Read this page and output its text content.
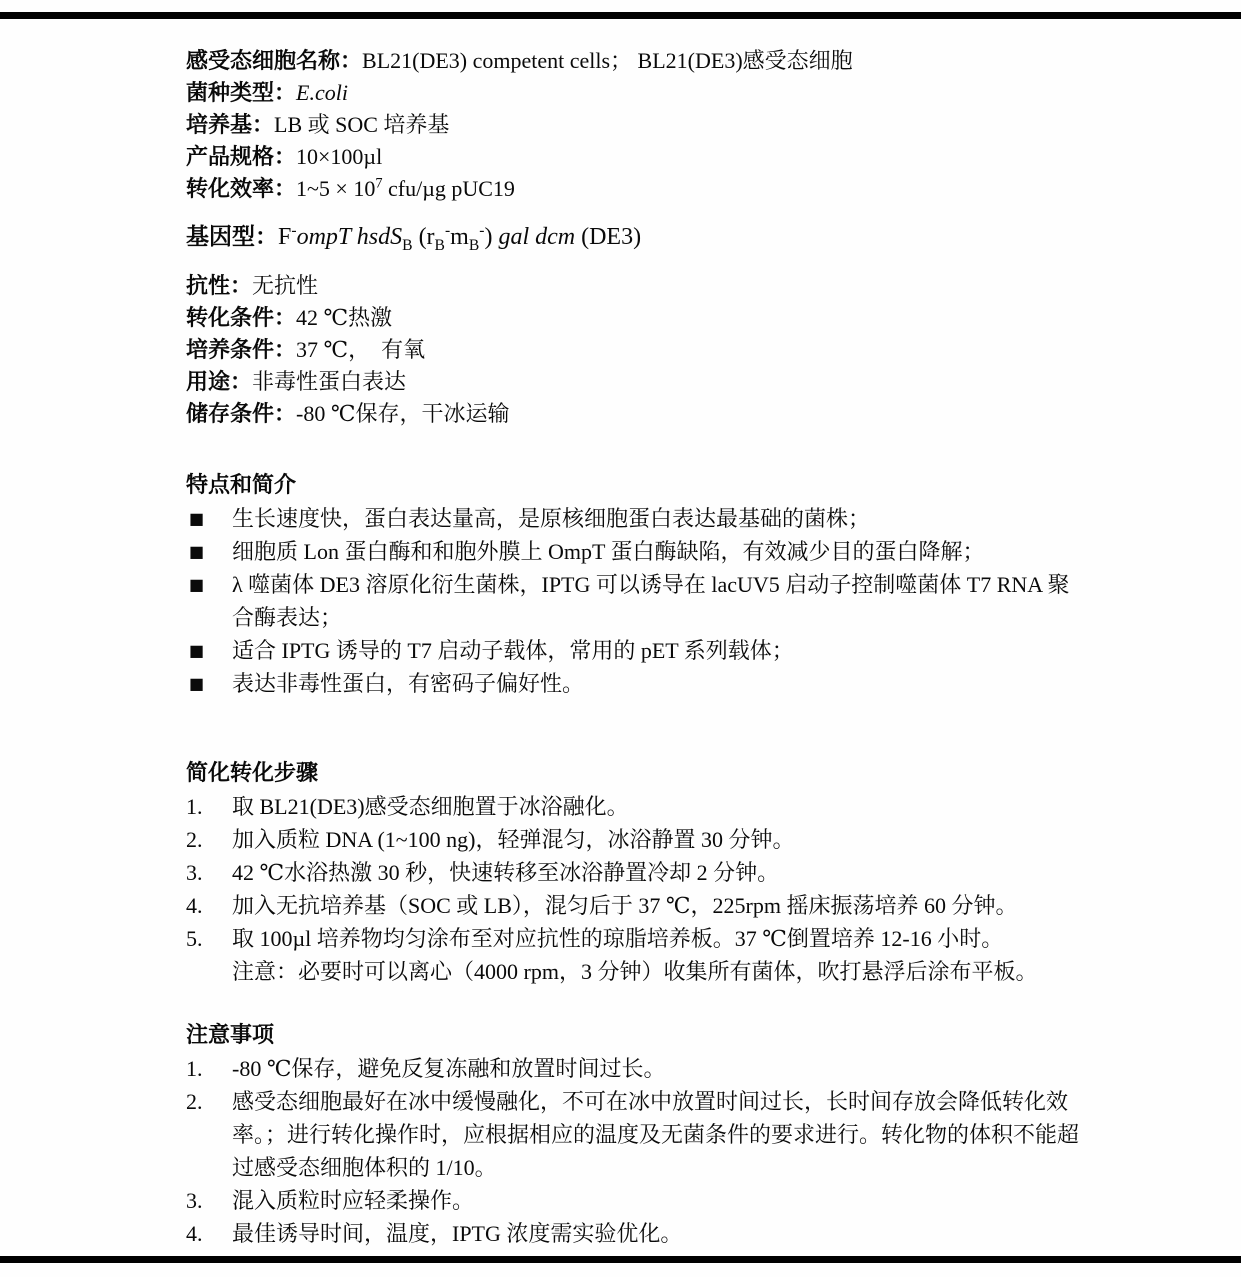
感受态细胞名称：BL21(DE3) competent cells； BL21(DE3)感受态细胞
菌种类型：E.coli
培养基：LB 或 SOC 培养基
产品规格：10×100µl
转化效率：1~5 × $10^7$ cfu/µg pUC19
基因型：F-ompT hsdS$_B$ $(r_B^-m_B^-)$ gal dcm (DE3)
抗性：无抗性
转化条件：42 ℃热激
培养条件：37 ℃，　有氧
用途：非毒性蛋白表达
储存条件：-80 ℃保存，干冰运输
特点和简介
■	生长速度快，蛋白表达量高，是原核细胞蛋白表达最基础的菌株；
■	细胞质 Lon 蛋白酶和和胞外膜上 OmpT 蛋白酶缺陷，有效减少目的蛋白降解；
■	λ 噬菌体 DE3 溶原化衍生菌株，IPTG 可以诱导在 lacUV5 启动子控制噬菌体 T7 RNA 聚合酶表达；
■	适合 IPTG 诱导的 T7 启动子载体，常用的 pET 系列载体；
■	表达非毒性蛋白，有密码子偏好性。
简化转化步骤
1.	取 BL21(DE3)感受态细胞置于冰浴融化。
2.	加入质粒 DNA (1~100 ng)，轻弹混匀，冰浴静置 30 分钟。
3.	42 ℃水浴热激 30 秒，快速转移至冰浴静置冷却 2 分钟。
4.	加入无抗培养基（SOC 或 LB），混匀后于 37 ℃，225rpm 摇床振荡培养 60 分钟。
5.	取 100µl 培养物均匀涂布至对应抗性的琼脂培养板。37 ℃倒置培养 12-16 小时。
注意：必要时可以离心（4000 rpm，3 分钟）收集所有菌体，吹打悬浮后涂布平板。
注意事项
1.	-80 ℃保存，避免反复冻融和放置时间过长。
2.	感受态细胞最好在冰中缓慢融化，不可在冰中放置时间过长，长时间存放会降低转化效率。；进行转化操作时，应根据相应的温度及无菌条件的要求进行。转化物的体积不能超过感受态细胞体积的 1/10。
3.	混入质粒时应轻柔操作。
4.	最佳诱导时间，温度，IPTG 浓度需实验优化。
